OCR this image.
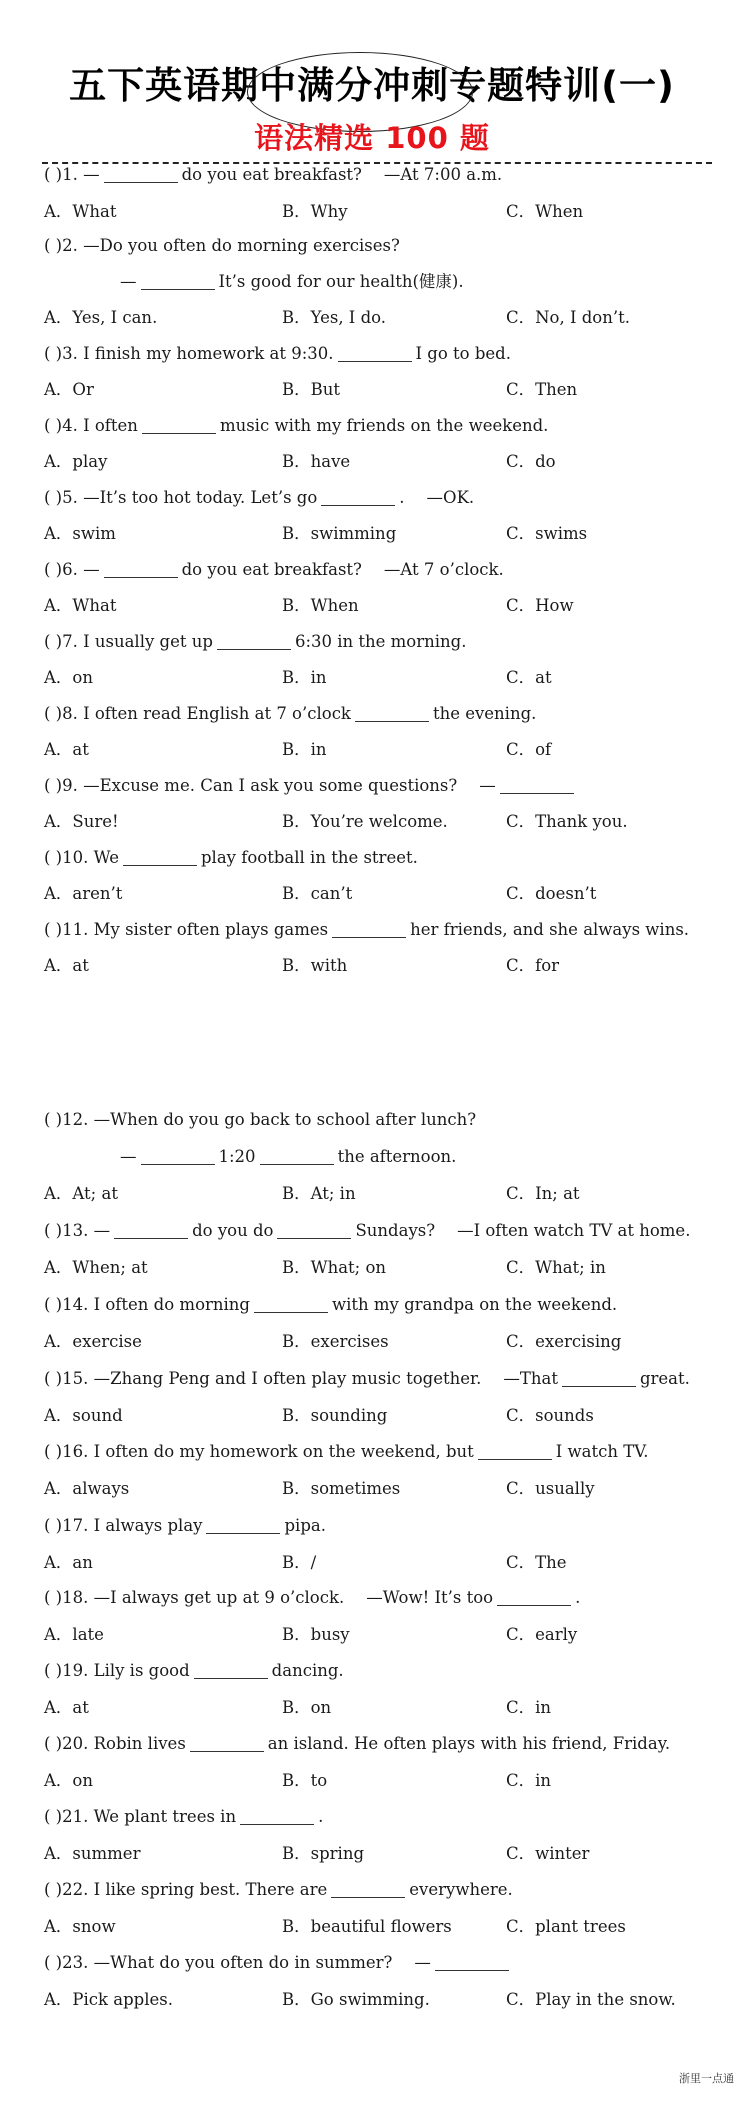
五下英语期中满分冲刺专题特训(一)
语法精选 100 题
( )1. —	do you eat breakfast? —At 7:00 a.m.
A．What	B．Why	C．When
( )2. —Do you often do morning exercises?
—	It’s good for our health(健康).
A．Yes, I can.	B．Yes, I do.	C．No, I don’t.
( )3. I finish my homework at 9:30.	I go to bed.
A．Or	B．But	C．Then
( )4. I often	music with my friends on the weekend.
A．play	B．have	C．do
( )5. —It’s too hot today. Let’s go	. —OK.
A．swim	B．swimming	C．swims
( )6. —	do you eat breakfast? —At 7 o’clock.
A．What	B．When	C．How
( )7. I usually get up	6:30 in the morning.
A．on	B．in	C．at
( )8. I often read English at 7 o’clock	the evening.
A．at	B．in	C．of
( )9. —Excuse me. Can I ask you some questions? —
A．Sure!	B．You’re welcome.	C．Thank you.
( )10. We	play football in the street.
A．aren’t	B．can’t	C．doesn’t
( )11. My sister often plays games	her friends, and she always wins.
A．at	B．with	C．for
( )12. —When do you go back to school after lunch?
—	1:20	the afternoon.
A．At; at	B．At; in	C．In; at
( )13. —	do you do	Sundays? —I often watch TV at home.
A．When; at	B．What; on	C．What; in
( )14. I often do morning	with my grandpa on the weekend.
A．exercise	B．exercises	C．exercising
( )15. —Zhang Peng and I often play music together. —That	great.
A．sound	B．sounding	C．sounds
( )16. I often do my homework on the weekend, but	I watch TV.
A．always	B．sometimes	C．usually
( )17. I always play	pipa.
A．an	B．/	C．The
( )18. —I always get up at 9 o’clock. —Wow! It’s too	.
A．late	B．busy	C．early
( )19. Lily is good	dancing.
A．at	B．on	C．in
( )20. Robin lives	an island. He often plays with his friend, Friday.
A．on	B．to	C．in
( )21. We plant trees in	.
A．summer	B．spring	C．winter
( )22. I like spring best. There are	everywhere.
A．snow	B．beautiful flowers	C．plant trees
( )23. —What do you often do in summer? —
A．Pick apples.	B．Go swimming.	C．Play in the snow.
浙里一点通
